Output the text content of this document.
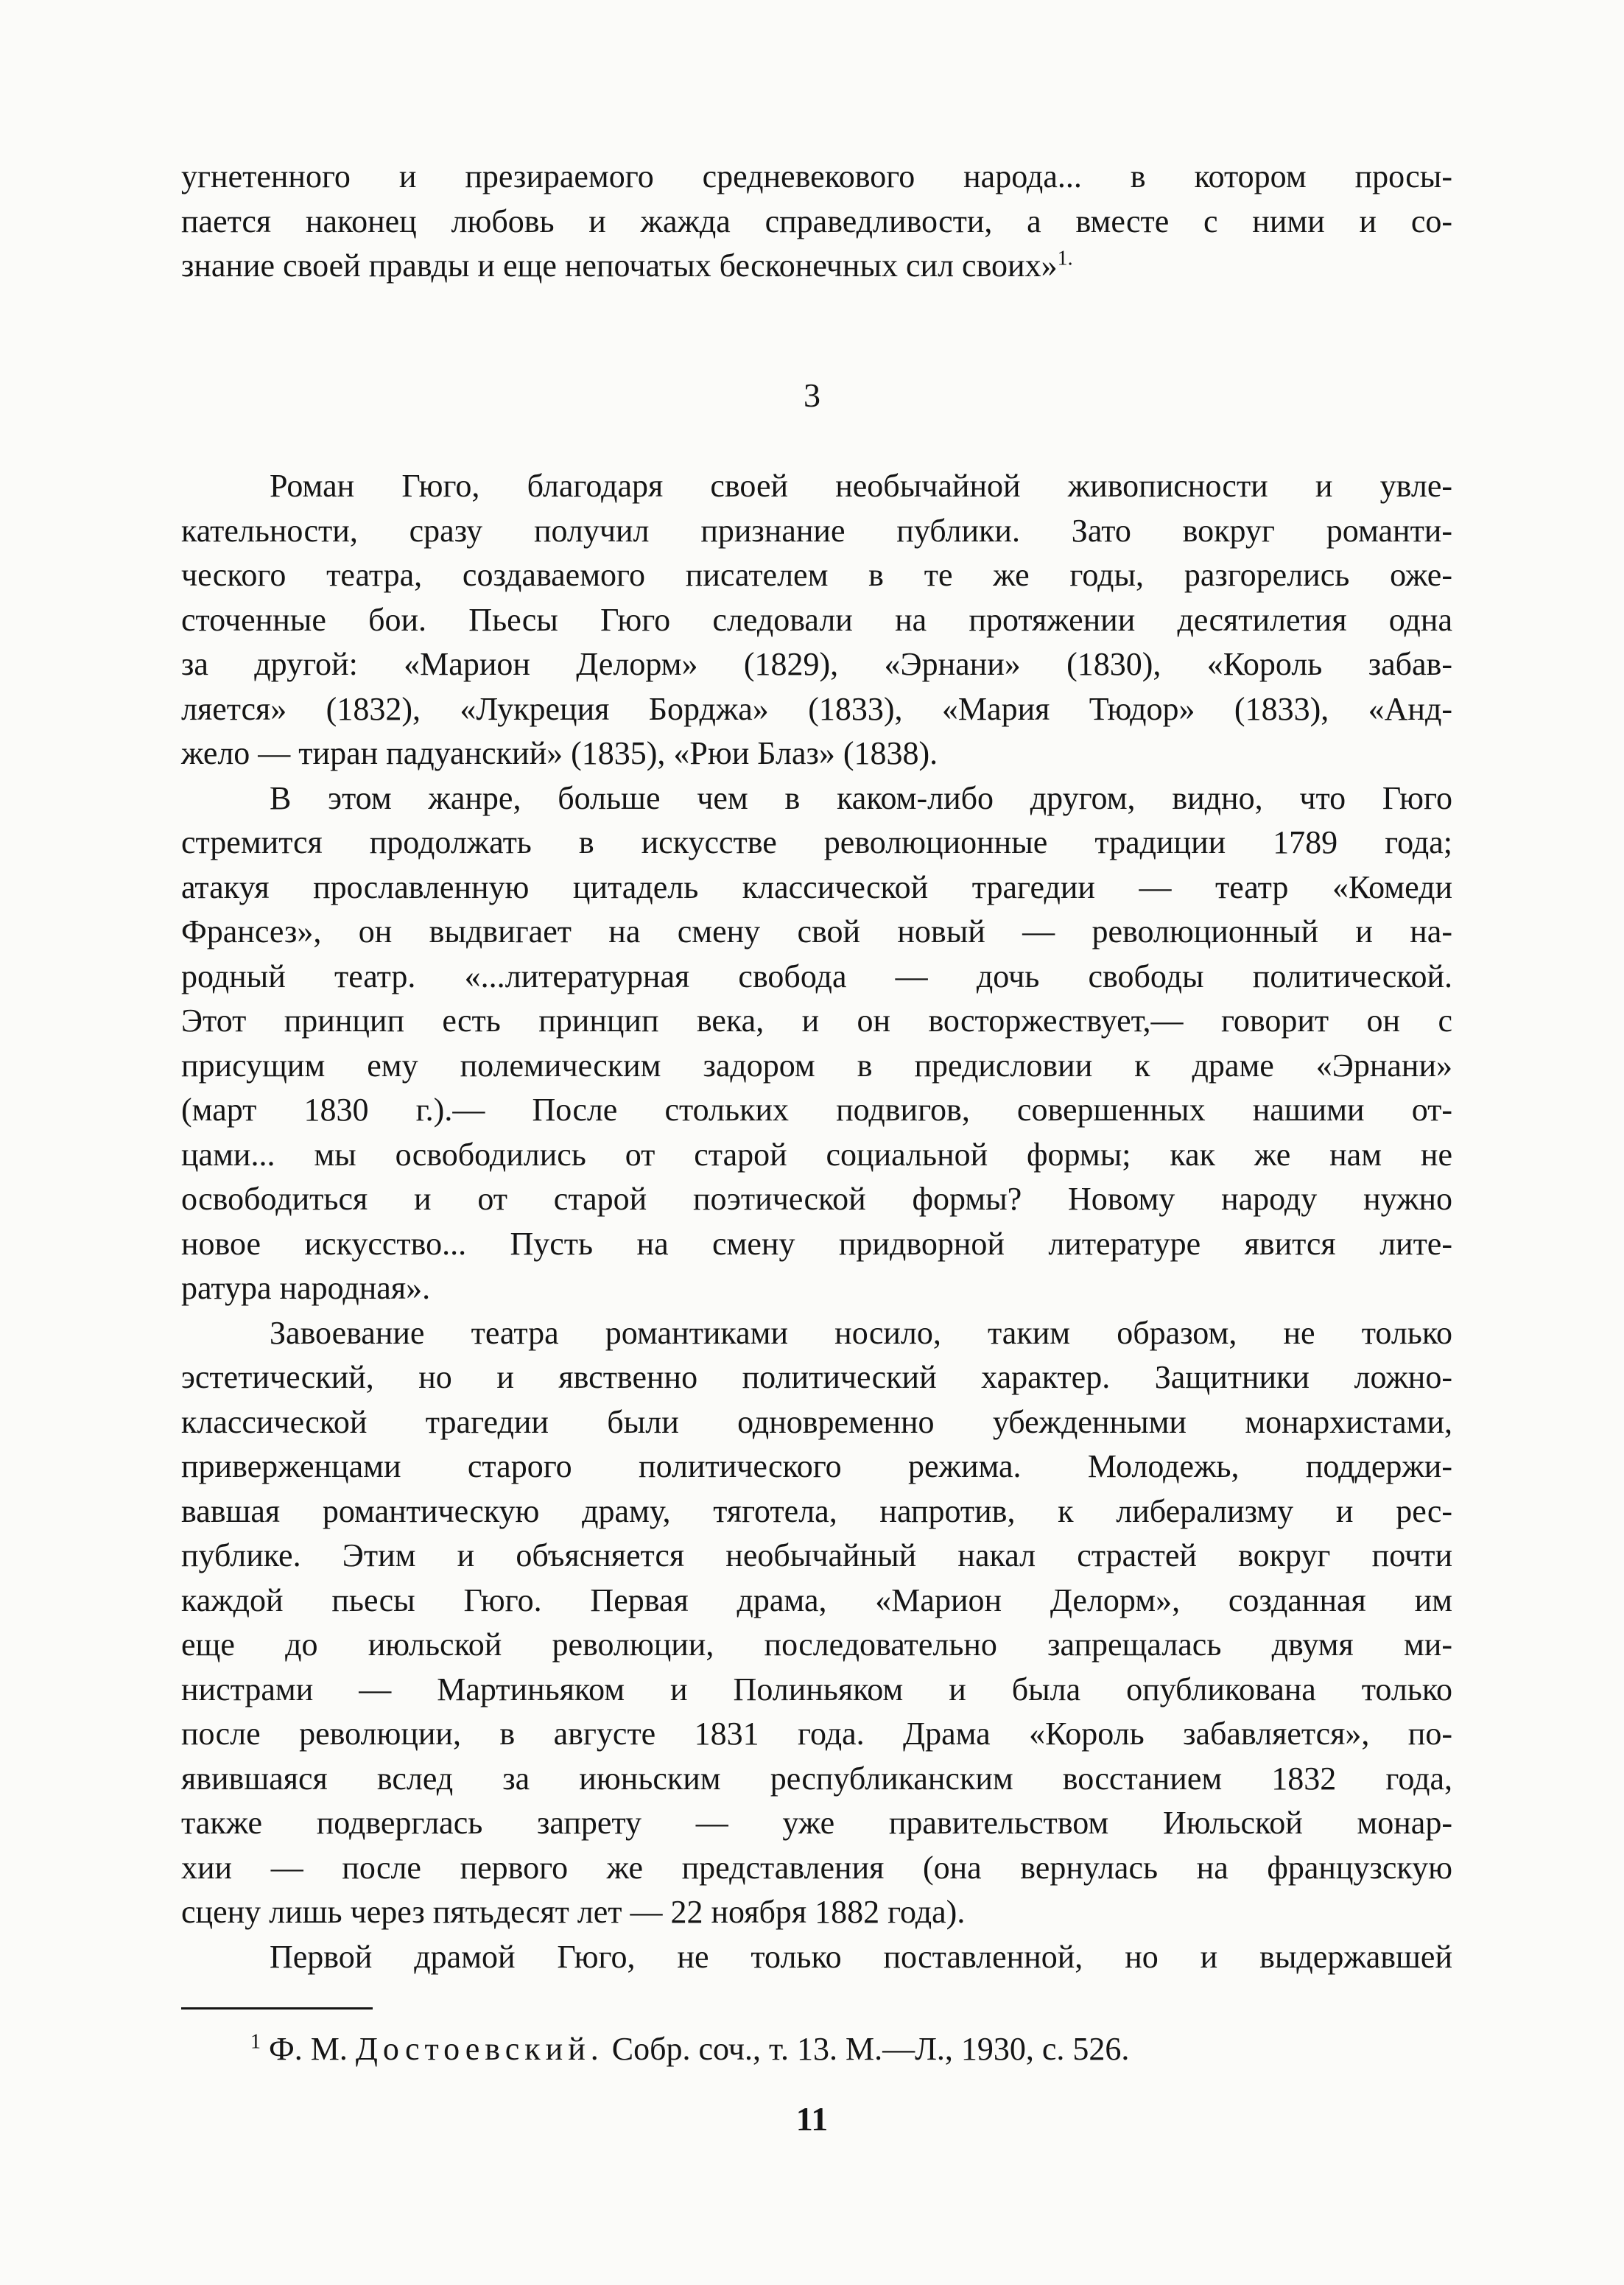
угнетенного и презираемого средневекового народа... в котором просы-
пается наконец любовь и жажда справедливости, а вместе с ними и со-
знание своей правды и еще непочатых бесконечных сил своих»$^{1.}$
3

Роман Гюго, благодаря своей необычайной живописности и увле-
кательности, сразу получил признание публики. Зато вокруг романти-
ческого театра, создаваемого писателем в те же годы, разгорелись оже-
сточенные бои. Пьесы Гюго следовали на протяжении десятилетия одна
за другой: «Марион Делорм» (1829), «Эрнани» (1830), «Король забав-
ляется» (1832), «Лукреция Борджа» (1833), «Мария Тюдор» (1833), «Анд-
жело — тиран падуанский» (1835), «Рюи Блаз» (1838).

В этом жанре, больше чем в каком-либо другом, видно, что Гюго
стремится продолжать в искусстве революционные традиции 1789 года;
атакуя прославленную цитадель классической трагедии — театр «Комеди
Франсез», он выдвигает на смену свой новый — революционный и на-
родный театр. «...литературная свобода — дочь свободы политической.
Этот принцип есть принцип века, и он восторжествует,— говорит он с
присущим ему полемическим задором в предисловии к драме «Эрнани»
(март 1830 г.).— После стольких подвигов, совершенных нашими от-
цами... мы освободились от старой социальной формы; как же нам не
освободиться и от старой поэтической формы? Новому народу нужно
новое искусство... Пусть на смену придворной литературе явится лите-
ратура народная».

Завоевание театра романтиками носило, таким образом, не только
эстетический, но и явственно политический характер. Защитники ложно-
классической трагедии были одновременно убежденными монархистами,
приверженцами старого политического режима. Молодежь, поддержи-
вавшая романтическую драму, тяготела, напротив, к либерализму и рес-
публике. Этим и объясняется необычайный накал страстей вокруг почти
каждой пьесы Гюго. Первая драма, «Марион Делорм», созданная им
еще до июльской революции, последовательно запрещалась двумя ми-
нистрами — Мартиньяком и Полиньяком и была опубликована только
после революции, в августе 1831 года. Драма «Король забавляется», по-
явившаяся вслед за июньским республиканским восстанием 1832 года,
также подверглась запрету — уже правительством Июльской монар-
хии — после первого же представления (она вернулась на французскую
сцену лишь через пятьдесят лет — 22 ноября 1882 года).

Первой драмой Гюго, не только поставленной, но и выдержавшей

$^1$ Ф. М. Достоевский. Собр. соч., т. 13. М.—Л., 1930, с. 526.
11
